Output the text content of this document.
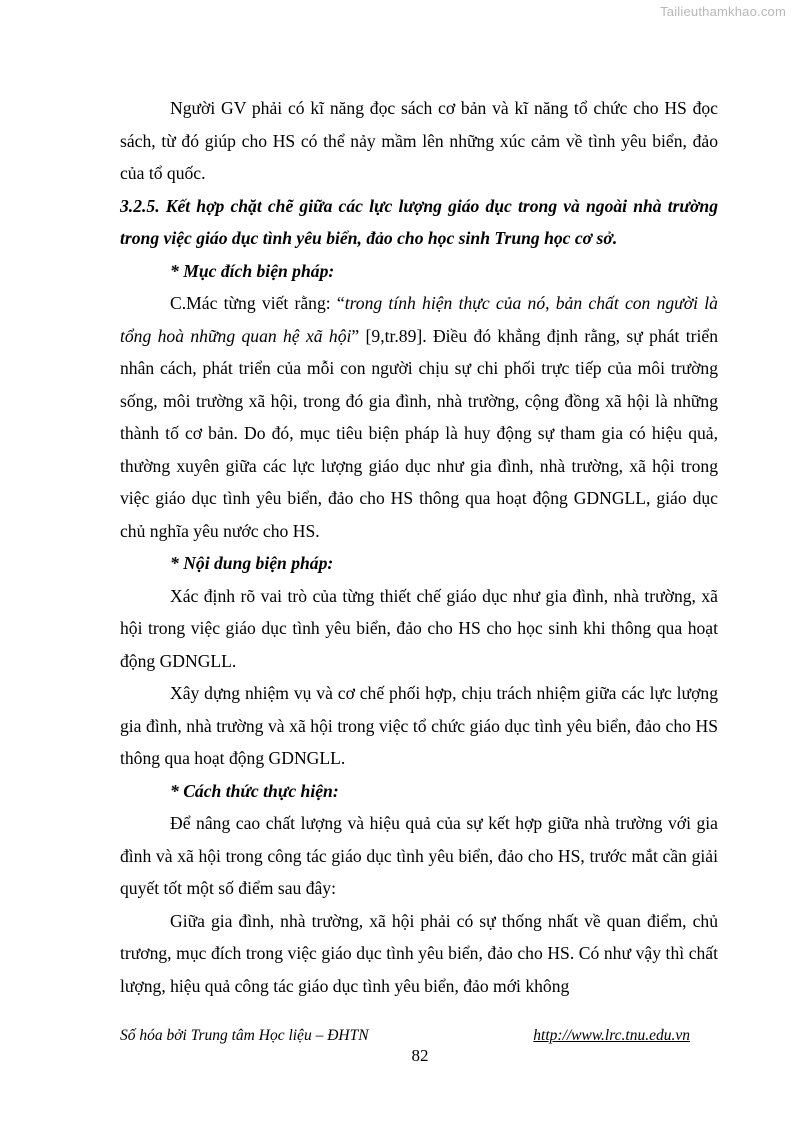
Tailieuthamkhao.com

Người GV phải có kĩ năng đọc sách cơ bản và kĩ năng tổ chức cho HS đọc sách, từ đó giúp cho HS có thể nảy mầm lên những xúc cảm về tình yêu biển, đảo của tổ quốc.

3.2.5. Kết hợp chặt chẽ giữa các lực lượng giáo dục trong và ngoài nhà trường trong việc giáo dục tình yêu biển, đảo cho học sinh Trung học cơ sở.

* Mục đích biện pháp:

C.Mác từng viết rằng: “trong tính hiện thực của nó, bản chất con người là tổng hoà những quan hệ xã hội” [9,tr.89]. Điều đó khẳng định rằng, sự phát triển nhân cách, phát triển của mỗi con người chịu sự chi phối trực tiếp của môi trường sống, môi trường xã hội, trong đó gia đình, nhà trường, cộng đồng xã hội là những thành tố cơ bản. Do đó, mục tiêu biện pháp là huy động sự tham gia có hiệu quả, thường xuyên giữa các lực lượng giáo dục như gia đình, nhà trường, xã hội trong việc giáo dục tình yêu biển, đảo cho HS thông qua hoạt động GDNGLL, giáo dục chủ nghĩa yêu nước cho HS.

* Nội dung biện pháp:

Xác định rõ vai trò của từng thiết chế giáo dục như gia đình, nhà trường, xã hội trong việc giáo dục tình yêu biển, đảo cho HS cho học sinh khi thông qua hoạt động GDNGLL.

Xây dựng nhiệm vụ và cơ chế phối hợp, chịu trách nhiệm giữa các lực lượng gia đình, nhà trường và xã hội trong việc tổ chức giáo dục tình yêu biển, đảo cho HS thông qua hoạt động GDNGLL.

* Cách thức thực hiện:

Để nâng cao chất lượng và hiệu quả của sự kết hợp giữa nhà trường với gia đình và xã hội trong công tác giáo dục tình yêu biển, đảo cho HS, trước mắt cần giải quyết tốt một số điểm sau đây:

Giữa gia đình, nhà trường, xã hội phải có sự thống nhất về quan điểm, chủ trương, mục đích trong việc giáo dục tình yêu biển, đảo cho HS. Có như vậy thì chất lượng, hiệu quả công tác giáo dục tình yêu biển, đảo mới không

Số hóa bởi Trung tâm Học liệu – ĐHTN	http://www.lrc.tnu.edu.vn
82
